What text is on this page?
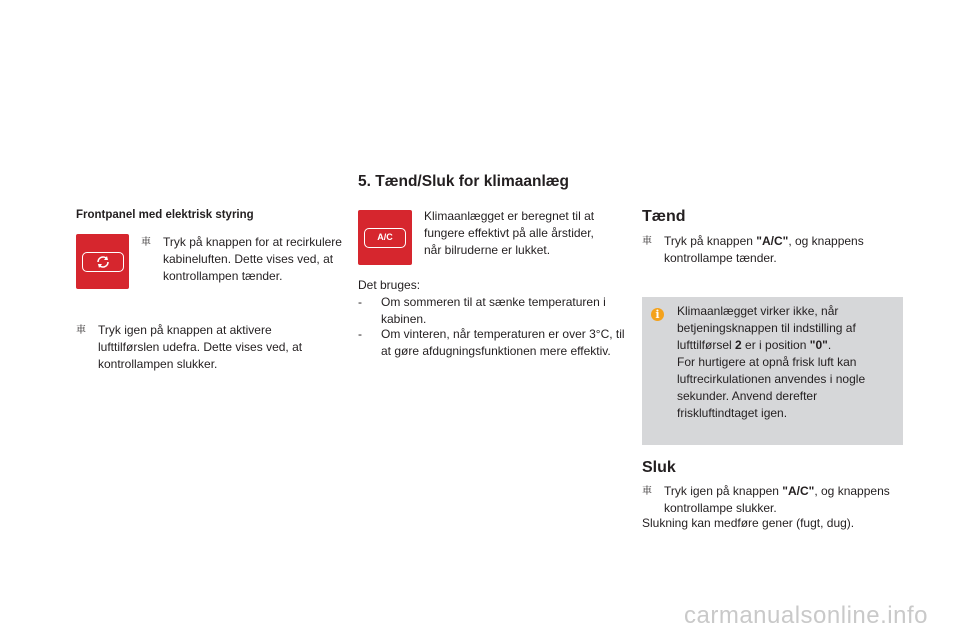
5. Tænd/Sluk for klimaanlæg
Frontpanel med elektrisk styring
⾞	Tryk på knappen for at recirkulere kabineluften. Dette vises ved, at kontrollampen tænder.
⾞	Tryk igen på knappen at aktivere lufttilførslen udefra. Dette vises ved, at kontrollampen slukker.
A/C
Klimaanlægget er beregnet til at fungere effektivt på alle årstider, når bilruderne er lukket.
Det bruges:
-	Om sommeren til at sænke temperaturen i kabinen.
-	Om vinteren, når temperaturen er over 3°C, til at gøre afdugningsfunktionen mere effektiv.
Tænd
⾞	Tryk på knappen "A/C", og knappens kontrollampe tænder.
i	Klimaanlægget virker ikke, når betjeningsknappen til indstilling af lufttilførsel 2 er i position "0".
For hurtigere at opnå frisk luft kan luftrecirkulationen anvendes i nogle sekunder. Anvend derefter friskluftindtaget igen.
Sluk
⾞	Tryk igen på knappen "A/C", og knappens kontrollampe slukker.
Slukning kan medføre gener (fugt, dug).
carmanualsonline.info
